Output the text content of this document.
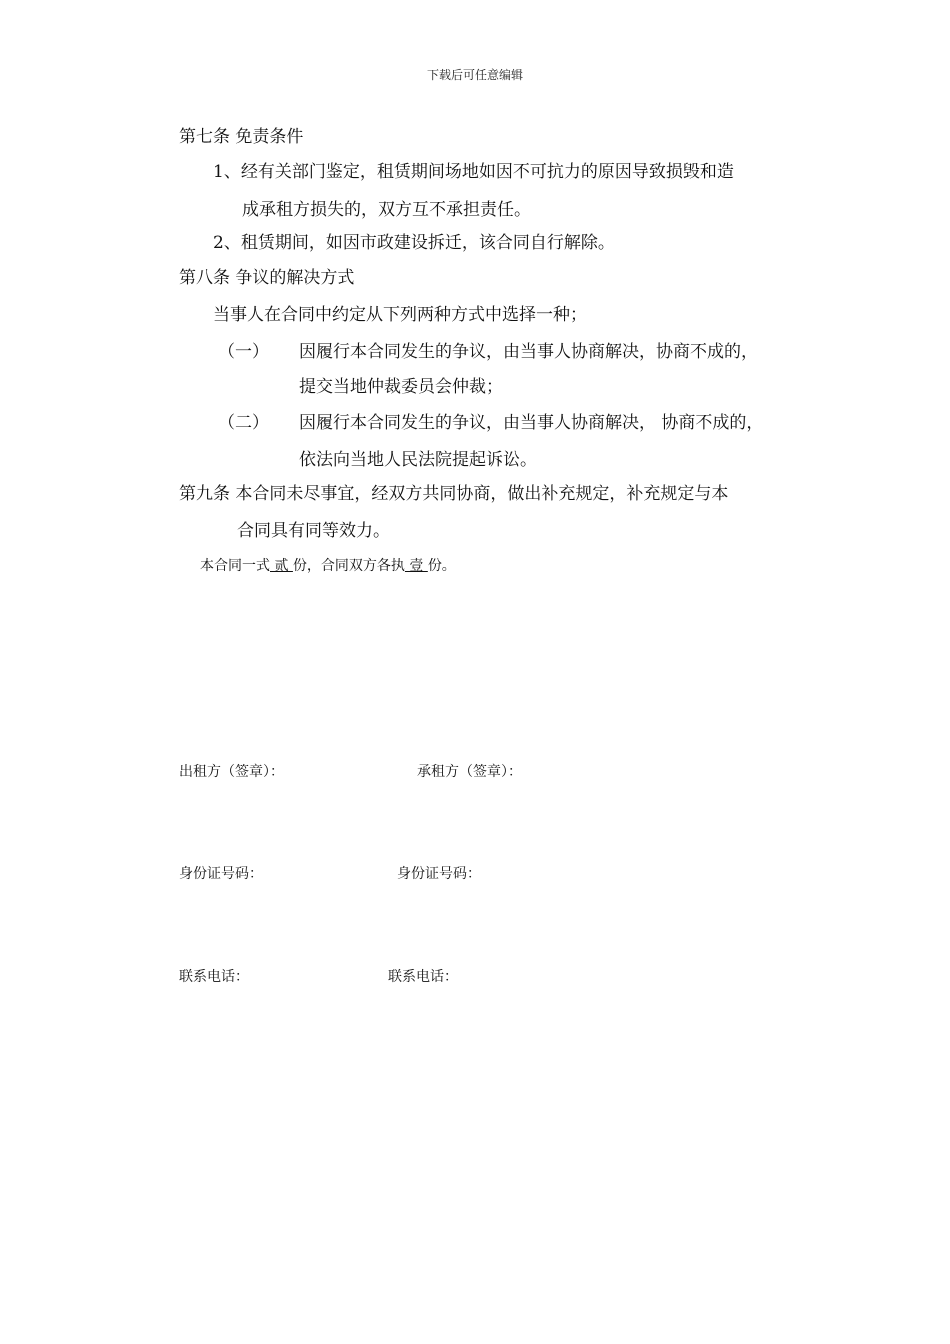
下载后可任意编辑
第七条 免责条件
1、经有关部门鉴定，租赁期间场地如因不可抗力的原因导致损毁和造
成承租方损失的，双方互不承担责任。
2、租赁期间，如因市政建设拆迁，该合同自行解除。
第八条 争议的解决方式
当事人在合同中约定从下列两种方式中选择一种；
（一） 因履行本合同发生的争议，由当事人协商解决，协商不成的，
提交当地仲裁委员会仲裁；
（二） 因履行本合同发生的争议，由当事人协商解决， 协商不成的，
依法向当地人民法院提起诉讼。
第九条 本合同未尽事宜，经双方共同协商，做出补充规定，补充规定与本
合同具有同等效力。
本合同一式 贰 份，合同双方各执 壹 份。
出租方（签章）：	承租方（签章）：
身份证号码：	身份证号码：
联系电话：	联系电话：
